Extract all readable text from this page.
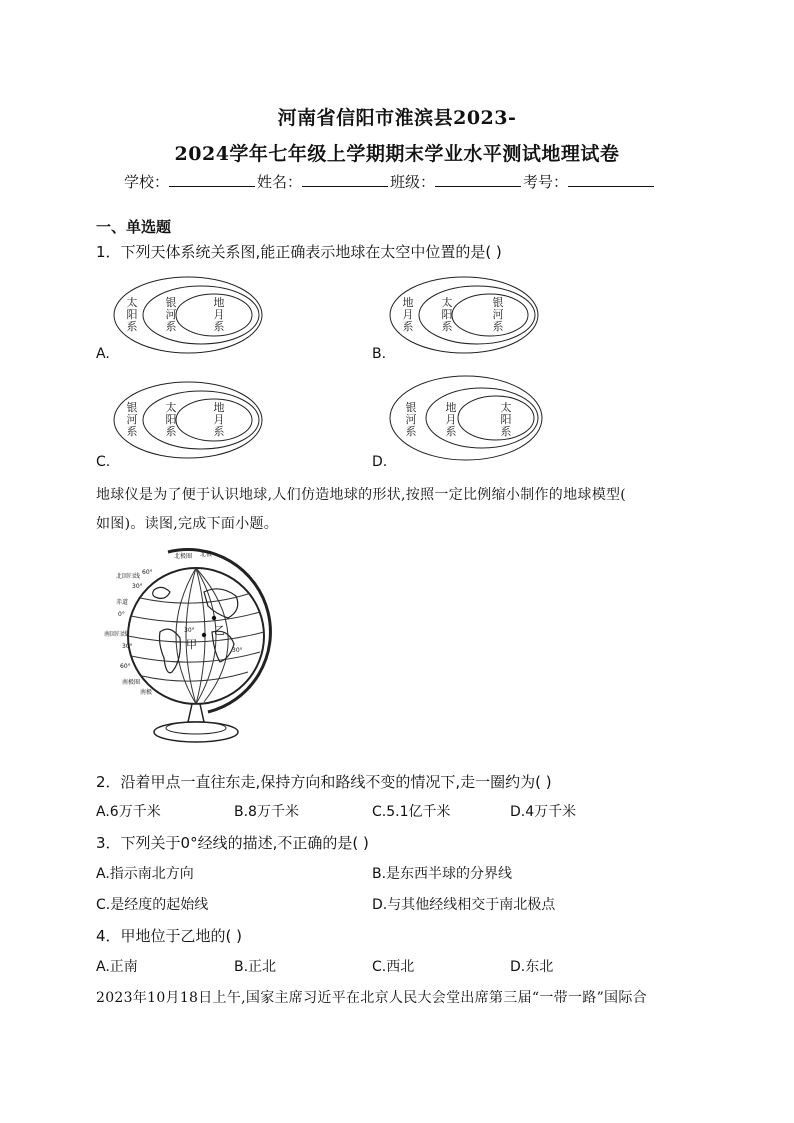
河南省信阳市淮滨县2023-
2024学年七年级上学期期末学业水平测试地理试卷
学校：	姓名：	班级：	考号：
一、单选题
1．下列天体系统关系图,能正确表示地球在太空中位置的是( )
A.	B.
C.	D.
太
阳
系
银
河
系
地
月
系
地
月
系
太
阳
系
银
河
系
银
河
系
太
阳
系
地
月
系
银
河
系
地
月
系
太
阳
系
地球仪是为了便于认识地球,人们仿造地球的形状,按照一定比例缩小制作的地球模型(
如图)。读图,完成下面小题。
北极圈 北极
北回归线
赤道
南回归线
南极圈
南极
60°
30°
0°
30°
60°
30°
30°
甲
乙
2．沿着甲点一直往东走,保持方向和路线不变的情况下,走一圈约为( )
A.6万千米	B.8万千米	C.5.1亿千米	D.4万千米
3．下列关于0°经线的描述,不正确的是( )
A.指示南北方向	B.是东西半球的分界线
C.是经度的起始线	D.与其他经线相交于南北极点
4．甲地位于乙地的( )
A.正南	B.正北	C.西北	D.东北
2023年10月18日上午,国家主席习近平在北京人民大会堂出席第三届“一带一路”国际合
